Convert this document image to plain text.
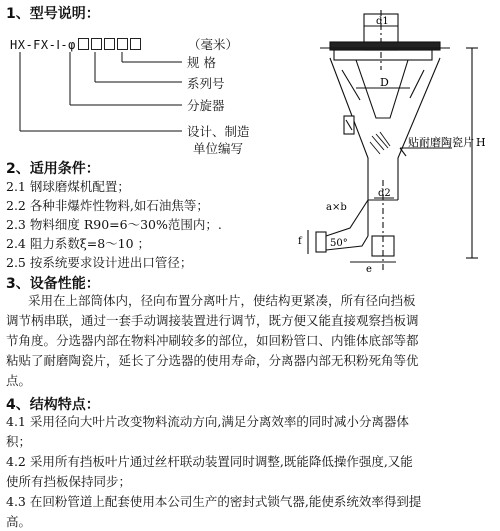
1、型号说明：
HX-FX-Ⅰ-φ	（毫米）
规 格
系列号
分旋器
设计、制造
单位编写
d1
D
H
d2
a×b
f	50°
e
贴耐磨陶瓷片
2、适用条件：
2.1 钢球磨煤机配置；
2.2 各种非爆炸性物料,如石油焦等；
2.3 物料细度 R90=6～30%范围内；.
2.4 阻力系数ξ=8～10 ；
2.5 按系统要求设计进出口管径；
3、设备性能：
采用在上部筒体内，径向布置分离叶片，使结构更紧凑，所有径向挡板
调节柄串联，通过一套手动调接装置进行调节，既方便又能直接观察挡板调
节角度。分选器内部在物料冲刷较多的部位，如回粉管口、内锥体底部等都
粘贴了耐磨陶瓷片，延长了分选器的使用寿命，分离器内部无积粉死角等优
点。
4、结构特点：
4.1 采用径向大叶片改变物料流动方向,满足分离效率的同时减小分离器体
积；
4.2 采用所有挡板叶片通过丝杆联动装置同时调整,既能降低操作强度,又能
使所有挡板保持同步；
4.3 在回粉管道上配套使用本公司生产的密封式锁气器,能使系统效率得到提
高。
